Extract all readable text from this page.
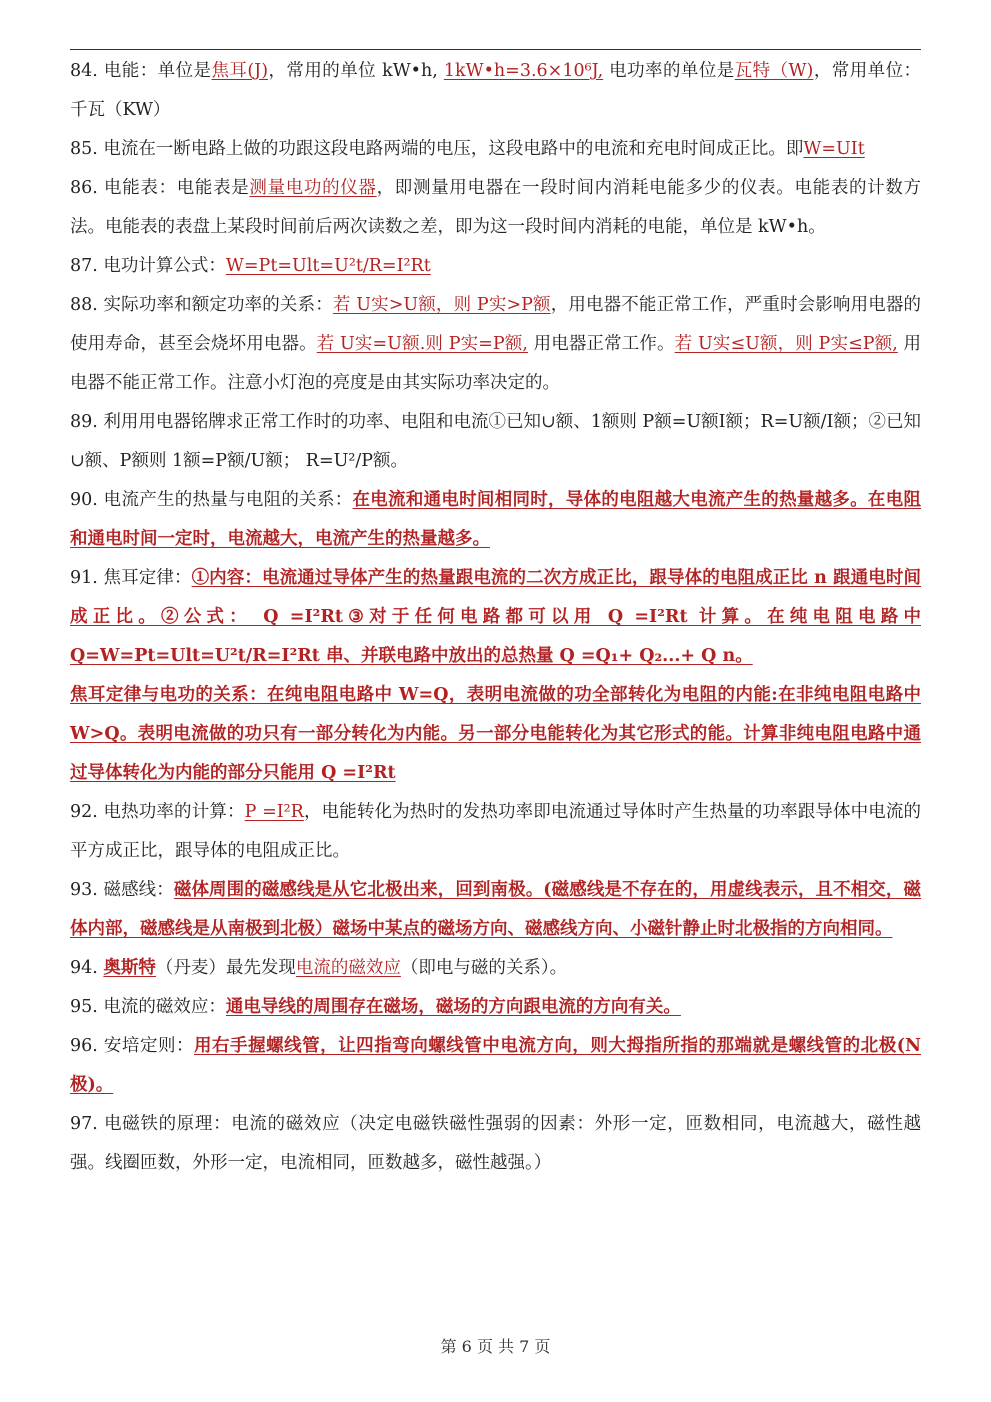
84. 电能：单位是焦耳(J)，常用的单位 kW•h, 1kW•h=3.6×10⁶J, 电功率的单位是瓦特（W)，常用单位：千瓦（KW）

85. 电流在一断电路上做的功跟这段电路两端的电压，这段电路中的电流和充电时间成正比。即W=UIt

86. 电能表：电能表是测量电功的仪器，即测量用电器在一段时间内消耗电能多少的仪表。电能表的计数方法。电能表的表盘上某段时间前后两次读数之差，即为这一段时间内消耗的电能，单位是 kW•h。

87. 电功计算公式：W=Pt=Ult=U²t/R=I²Rt

88. 实际功率和额定功率的关系：若 U实>U额，则 P实>P额，用电器不能正常工作，严重时会影响用电器的使用寿命，甚至会烧坏用电器。若 U实=U额.则 P实=P额, 用电器正常工作。若 U实≤U额，则 P实≤P额, 用电器不能正常工作。注意小灯泡的亮度是由其实际功率决定的。

89. 利用用电器铭牌求正常工作时的功率、电阻和电流①已知∪额、1额则 P额=U额I额；R=U额/I额；②已知∪额、P额则 1额=P额/U额； R=U²/P额。

90. 电流产生的热量与电阻的关系：在电流和通电时间相同时，导体的电阻越大电流产生的热量越多。在电阻和通电时间一定时，电流越大，电流产生的热量越多。

91. 焦耳定律：①内容：电流通过导体产生的热量跟电流的二次方成正比，跟导体的电阻成正比 n 跟通电时间成正比。②公式： Q =I²Rt③对于任何电路都可以用 Q =I²Rt 计算。在纯电阻电路中 Q=W=Pt=Ult=U²t/R=I²Rt 串、并联电路中放出的总热量 Q =Q₁+ Q₂...+ Q n。

焦耳定律与电功的关系：在纯电阻电路中 W=Q，表明电流做的功全部转化为电阻的内能:在非纯电阻电路中 W>Q。表明电流做的功只有一部分转化为内能。另一部分电能转化为其它形式的能。计算非纯电阻电路中通过导体转化为内能的部分只能用 Q =I²Rt

92. 电热功率的计算：P =I²R，电能转化为热时的发热功率即电流通过导体时产生热量的功率跟导体中电流的平方成正比，跟导体的电阻成正比。

93. 磁感线：磁体周围的磁感线是从它北极出来，回到南极。(磁感线是不存在的，用虚线表示，且不相交，磁体内部，磁感线是从南极到北极）磁场中某点的磁场方向、磁感线方向、小磁针静止时北极指的方向相同。

94. 奥斯特（丹麦）最先发现电流的磁效应（即电与磁的关系）。

95. 电流的磁效应：通电导线的周围存在磁场，磁场的方向跟电流的方向有关。

96. 安培定则：用右手握螺线管，让四指弯向螺线管中电流方向，则大拇指所指的那端就是螺线管的北极(N 极)。

97. 电磁铁的原理：电流的磁效应（决定电磁铁磁性强弱的因素：外形一定，匝数相同，电流越大，磁性越强。线圈匝数，外形一定，电流相同，匝数越多，磁性越强。）

第 6 页 共 7 页
